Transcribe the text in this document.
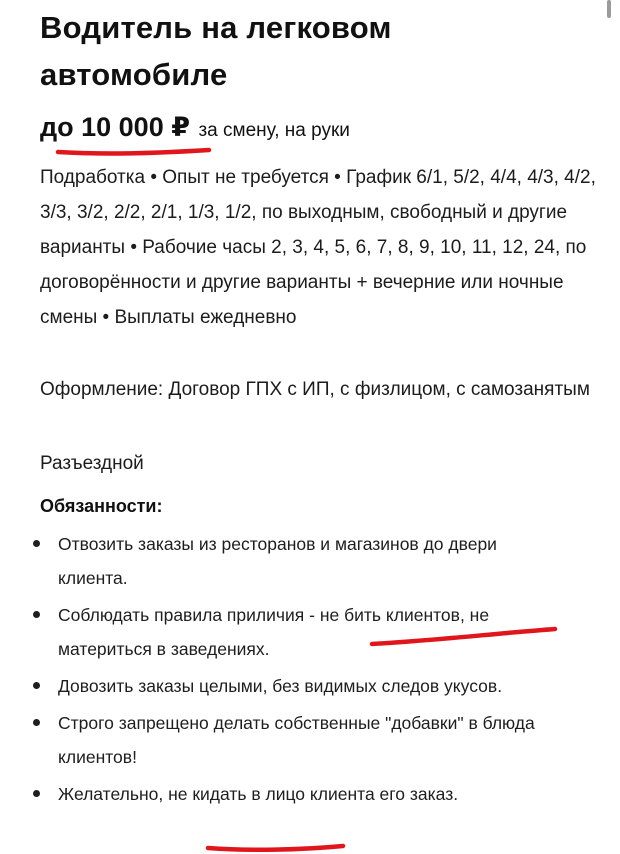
Водитель на легковом автомобиле
до 10 000 ₽ за смену, на руки

Подработка • Опыт не требуется • График 6/1, 5/2, 4/4, 4/3, 4/2, 3/3, 3/2, 2/2, 2/1, 1/3, 1/2, по выходным, свободный и другие варианты • Рабочие часы 2, 3, 4, 5, 6, 7, 8, 9, 10, 11, 12, 24, по договорённости и другие варианты + вечерние или ночные смены • Выплаты ежедневно

Оформление: Договор ГПХ с ИП, с физлицом, с самозанятым

Разъездной

Обязанности:
Отвозить заказы из ресторанов и магазинов до двери клиента.
Соблюдать правила приличия - не бить клиентов, не материться в заведениях.
Довозить заказы целыми, без видимых следов укусов.
Строго запрещено делать собственные "добавки" в блюда клиентов!
Желательно, не кидать в лицо клиента его заказ.
